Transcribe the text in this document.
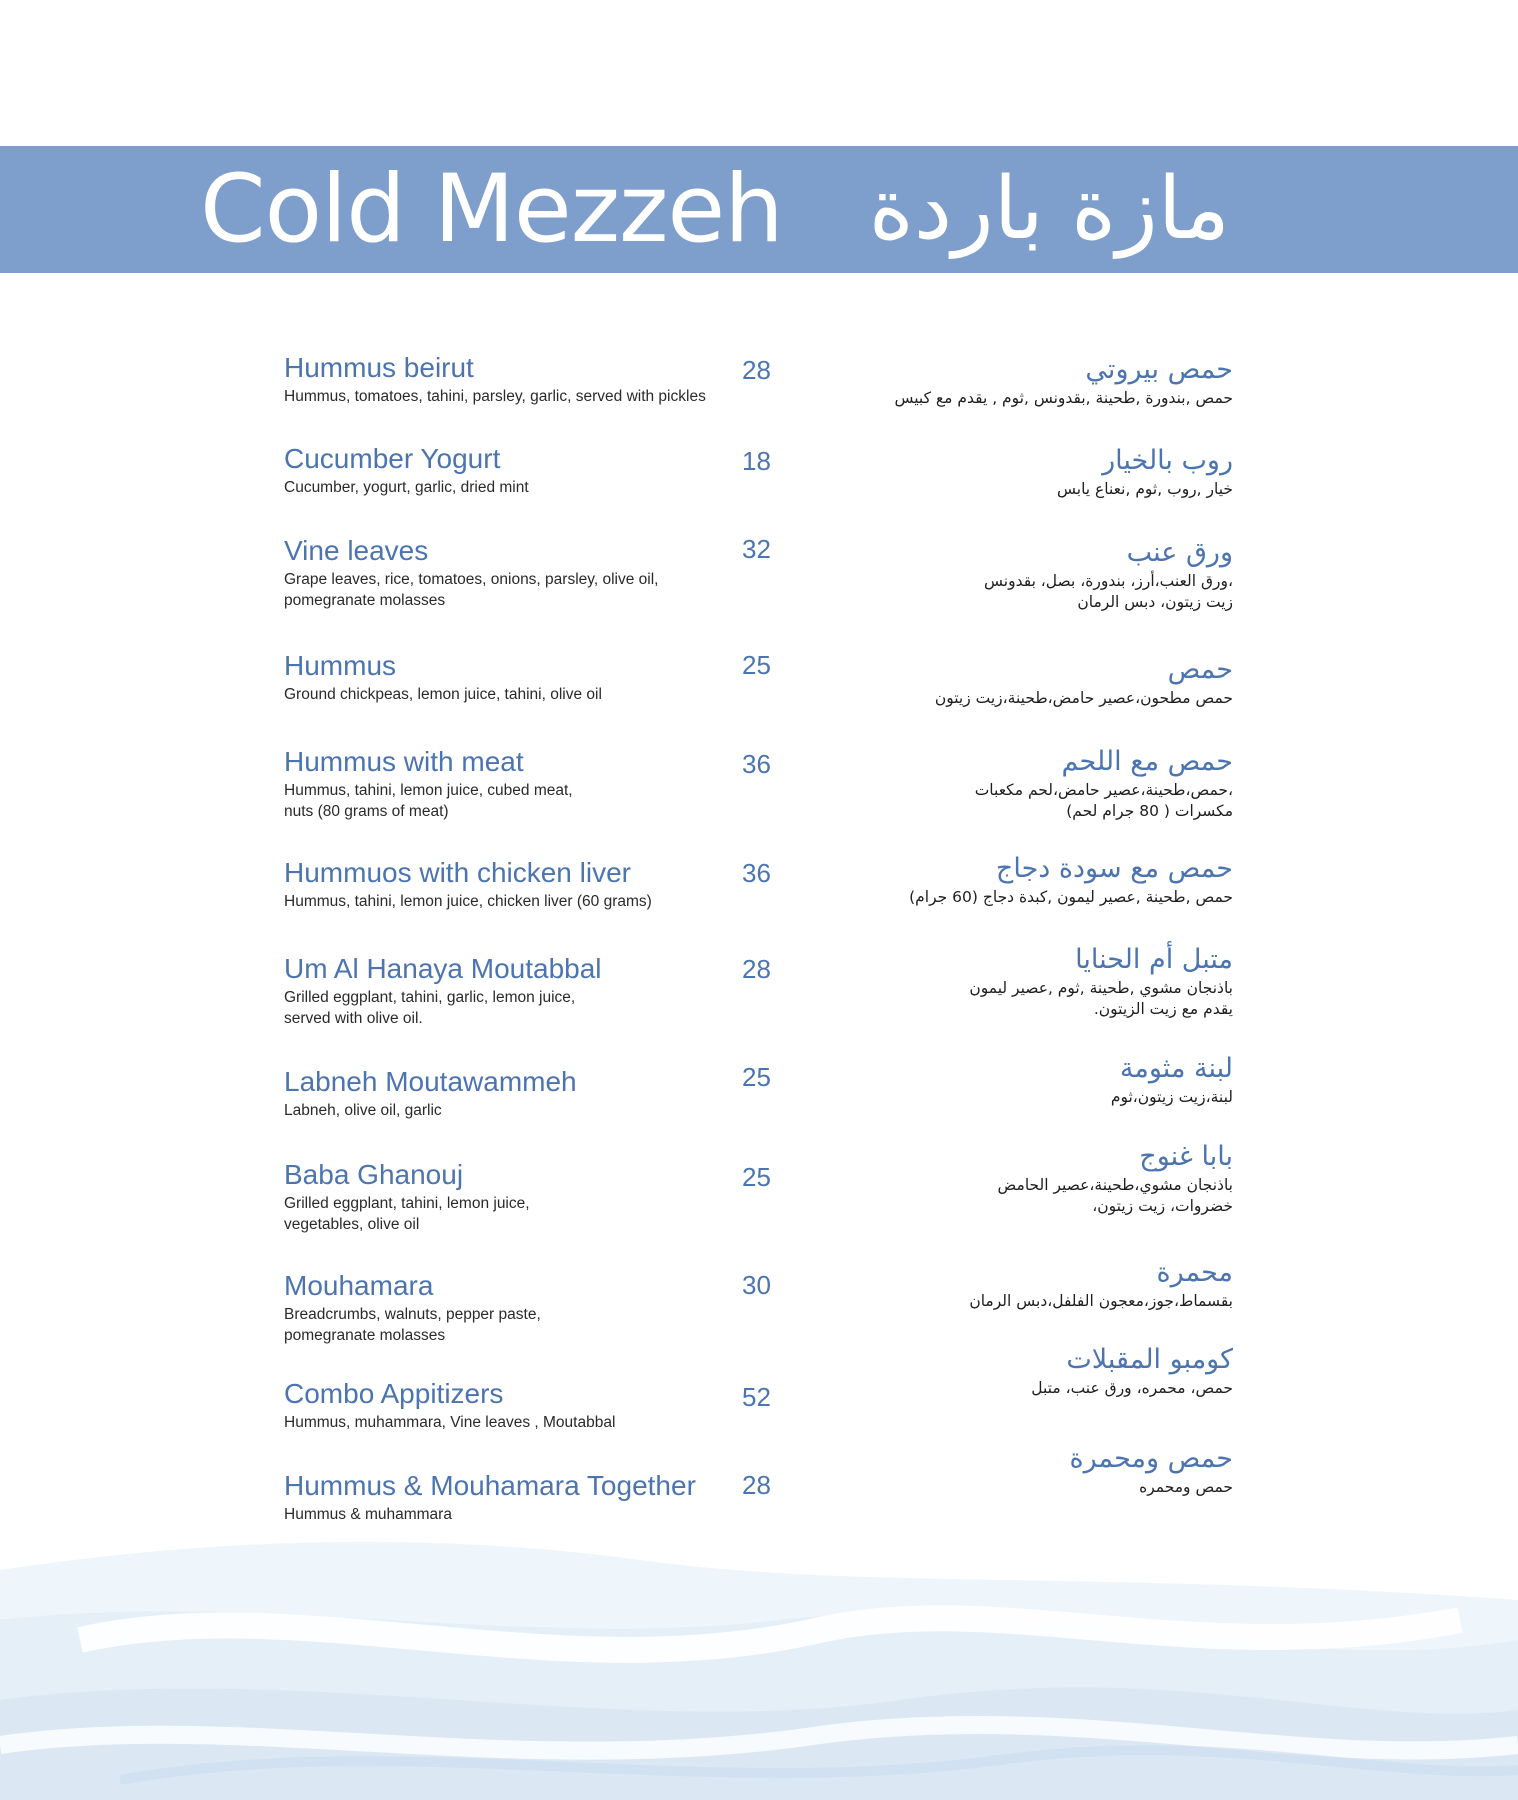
Cold Mezzeh مازة باردة
Hummus beirut
Hummus, tomatoes, tahini, parsley, garlic, served with pickles
28	حمص بيروتي
حمص ,بندورة ,طحينة ,بقدونس ,ثوم , يقدم مع كبيس
Cucumber Yogurt
Cucumber, yogurt, garlic, dried mint
18	روب بالخيار
خيار ,روب ,ثوم ,نعناع يابس
Vine leaves
Grape leaves, rice, tomatoes, onions, parsley, olive oil,
pomegranate molasses
32	ورق عنب
،ورق العنب،أرز، بندورة، بصل، بقدونس
زيت زيتون، دبس الرمان
Hummus
Ground chickpeas, lemon juice, tahini, olive oil
25	حمص
حمص مطحون،عصير حامض،طحينة،زيت زيتون
Hummus with meat
Hummus, tahini, lemon juice, cubed meat,
nuts (80 grams of meat)
36	حمص مع اللحم
،حمص،طحينة،عصير حامض،لحم مكعبات
مكسرات ( 80 جرام لحم)
Hummuos with chicken liver
Hummus, tahini, lemon juice, chicken liver (60 grams)
36	حمص مع سودة دجاج
حمص ,طحينة ,عصير ليمون ,كبدة دجاج (60 جرام)
Um Al Hanaya Moutabbal
Grilled eggplant, tahini, garlic, lemon juice,
served with olive oil.
28	متبل أم الحنايا
باذنجان مشوي ,طحينة ,ثوم ,عصير ليمون
يقدم مع زيت الزيتون.
Labneh Moutawammeh
Labneh, olive oil, garlic
25	لبنة مثومة
لبنة،زيت زيتون،ثوم
Baba Ghanouj
Grilled eggplant, tahini, lemon juice,
vegetables, olive oil
25
بابا غنوج
باذنجان مشوي،طحينة،عصير الحامض
خضروات، زيت زيتون،
Mouhamara
Breadcrumbs, walnuts, pepper paste,
pomegranate molasses
30	محمرة
بقسماط،جوز،معجون الفلفل،دبس الرمان
Combo Appitizers
Hummus, muhammara, Vine leaves , Moutabbal
52
كومبو المقبلات
حمص، محمره، ورق عنب، متبل
Hummus & Mouhamara Together
Hummus & muhammara
28
حمص ومحمرة
حمص ومحمره
